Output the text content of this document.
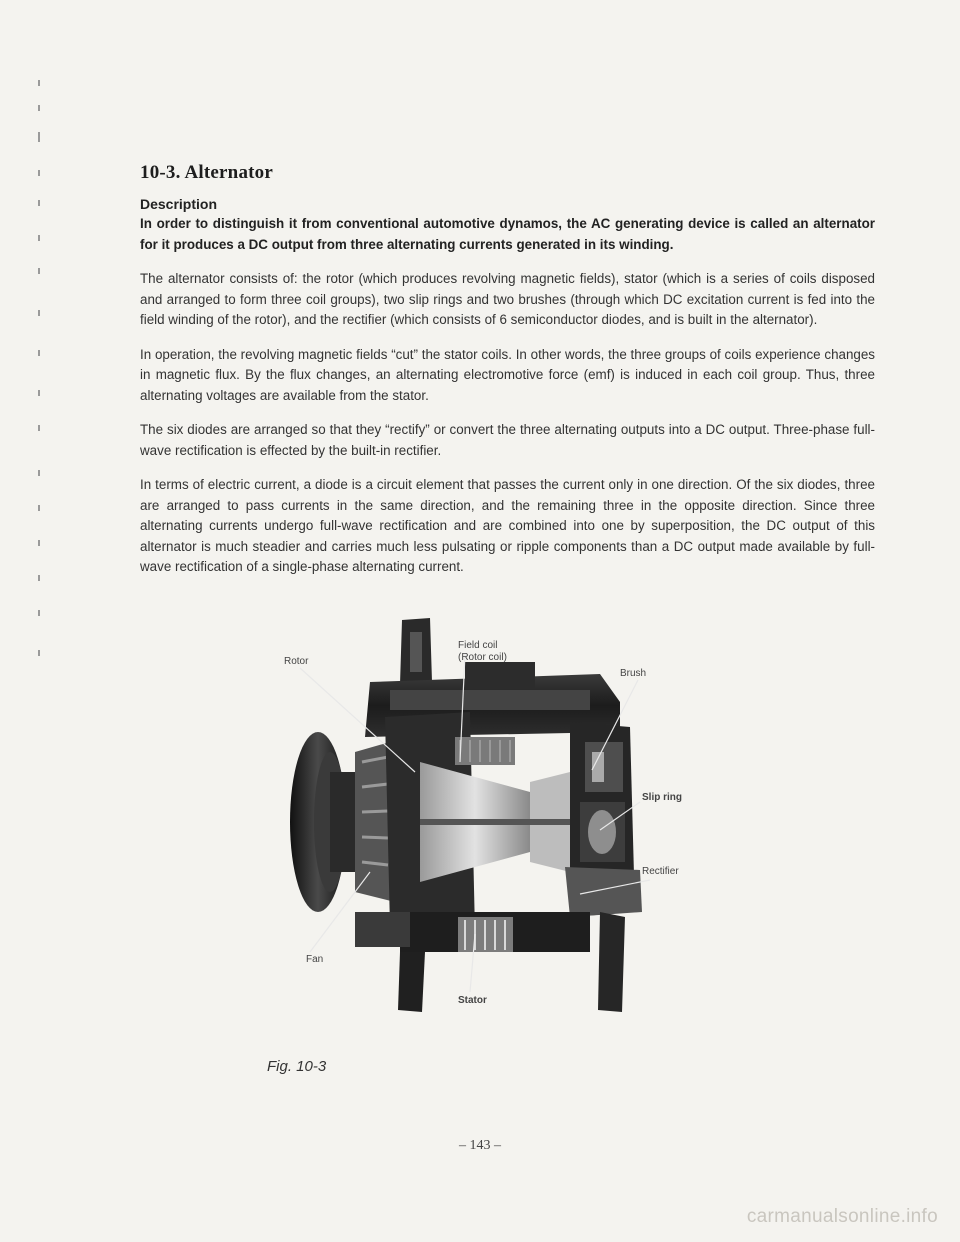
10-3. Alternator
Description

In order to distinguish it from conventional automotive dynamos, the AC generating device is called an alternator for it produces a DC output from three alternating currents generated in its winding.

The alternator consists of: the rotor (which produces revolving magnetic fields), stator (which is a series of coils disposed and arranged to form three coil groups), two slip rings and two brushes (through which DC excitation current is fed into the field winding of the rotor), and the rectifier (which consists of 6 semiconductor diodes, and is built in the alternator).

In operation, the revolving magnetic fields “cut” the stator coils. In other words, the three groups of coils experience changes in magnetic flux. By the flux changes, an alternating electromotive force (emf) is induced in each coil group. Thus, three alternating voltages are available from the stator.

The six diodes are arranged so that they “rectify” or convert the three alternating outputs into a DC output. Three-phase full-wave rectification is effected by the built-in rectifier.

In terms of electric current, a diode is a circuit element that passes the current only in one direction. Of the six diodes, three are arranged to pass currents in the same direction, and the remaining three in the opposite direction. Since three alternating currents undergo full-wave rectification and are combined into one by superposition, the DC output of this alternator is much steadier and carries much less pulsating or ripple components than a DC output made available by full-wave rectification of a single-phase alternating current.

Field coil
(Rotor coil)
Rotor
Brush
Slip ring
Rectifier
Fan
Stator
Fig. 10-3
– 143 –
carmanualsonline.info
